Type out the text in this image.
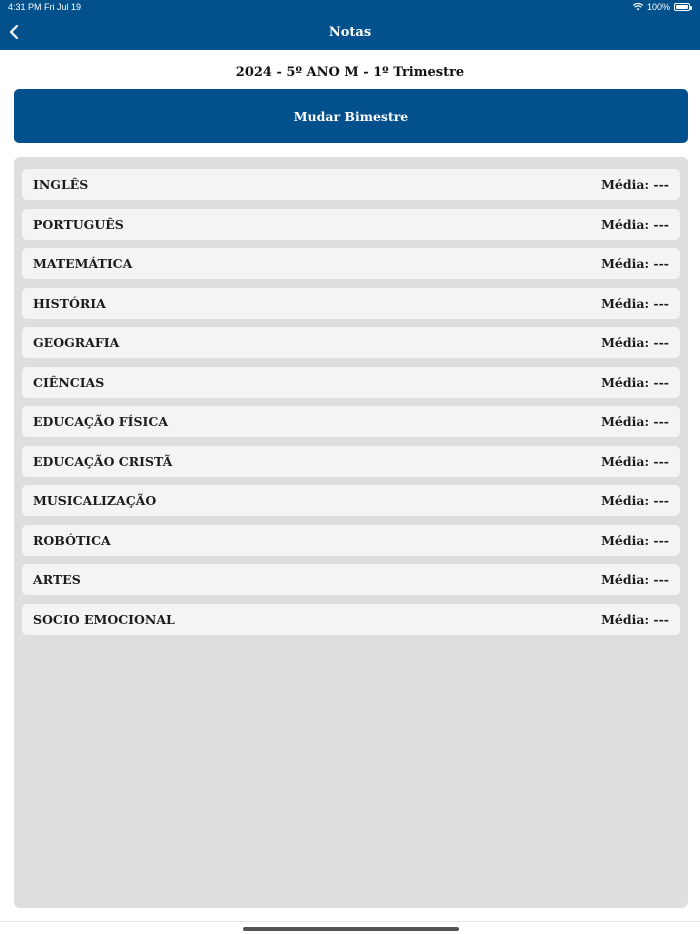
4:31 PM Fri Jul 19	100%
Notas
2024 - 5º ANO M - 1º Trimestre
Mudar Bimestre
INGLÊS	Média: ---
PORTUGUÊS	Média: ---
MATEMÁTICA	Média: ---
HISTÓRIA	Média: ---
GEOGRAFIA	Média: ---
CIÊNCIAS	Média: ---
EDUCAÇÃO FÍSICA	Média: ---
EDUCAÇÃO CRISTÃ	Média: ---
MUSICALIZAÇÃO	Média: ---
ROBÓTICA	Média: ---
ARTES	Média: ---
SOCIO EMOCIONAL	Média: ---
